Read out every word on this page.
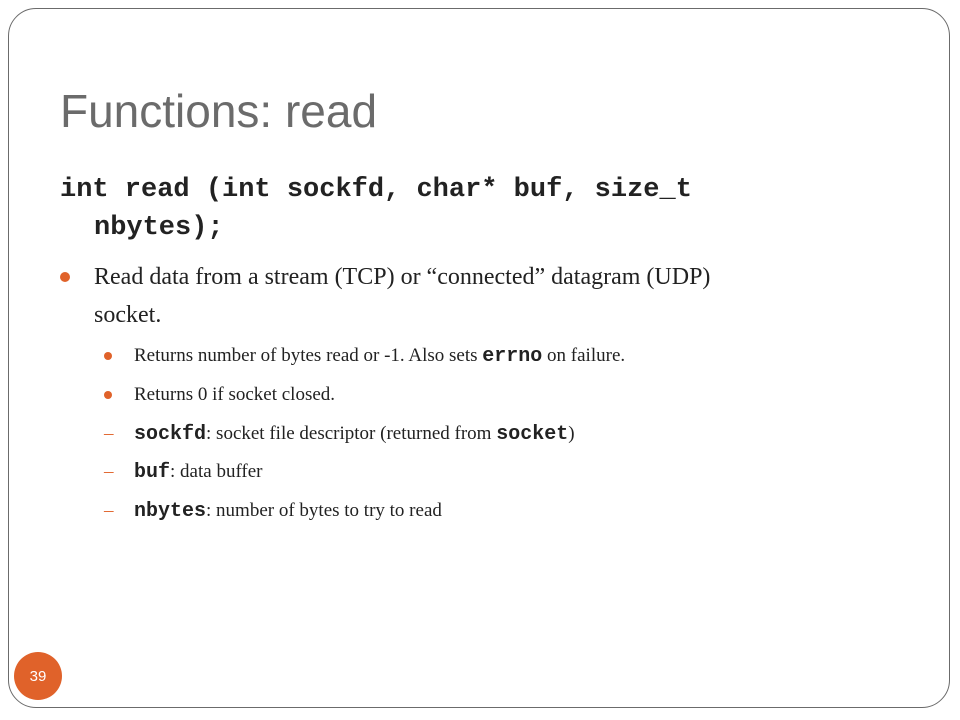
Functions: read
int read (int sockfd, char* buf, size_t
nbytes);
Read data from a stream (TCP) or “connected” datagram (UDP)
socket.
Returns number of bytes read or -1. Also sets errno on failure.
Returns 0 if socket closed.
–	sockfd: socket file descriptor (returned from socket)
–	buf: data buffer
–	nbytes: number of bytes to try to read
39
